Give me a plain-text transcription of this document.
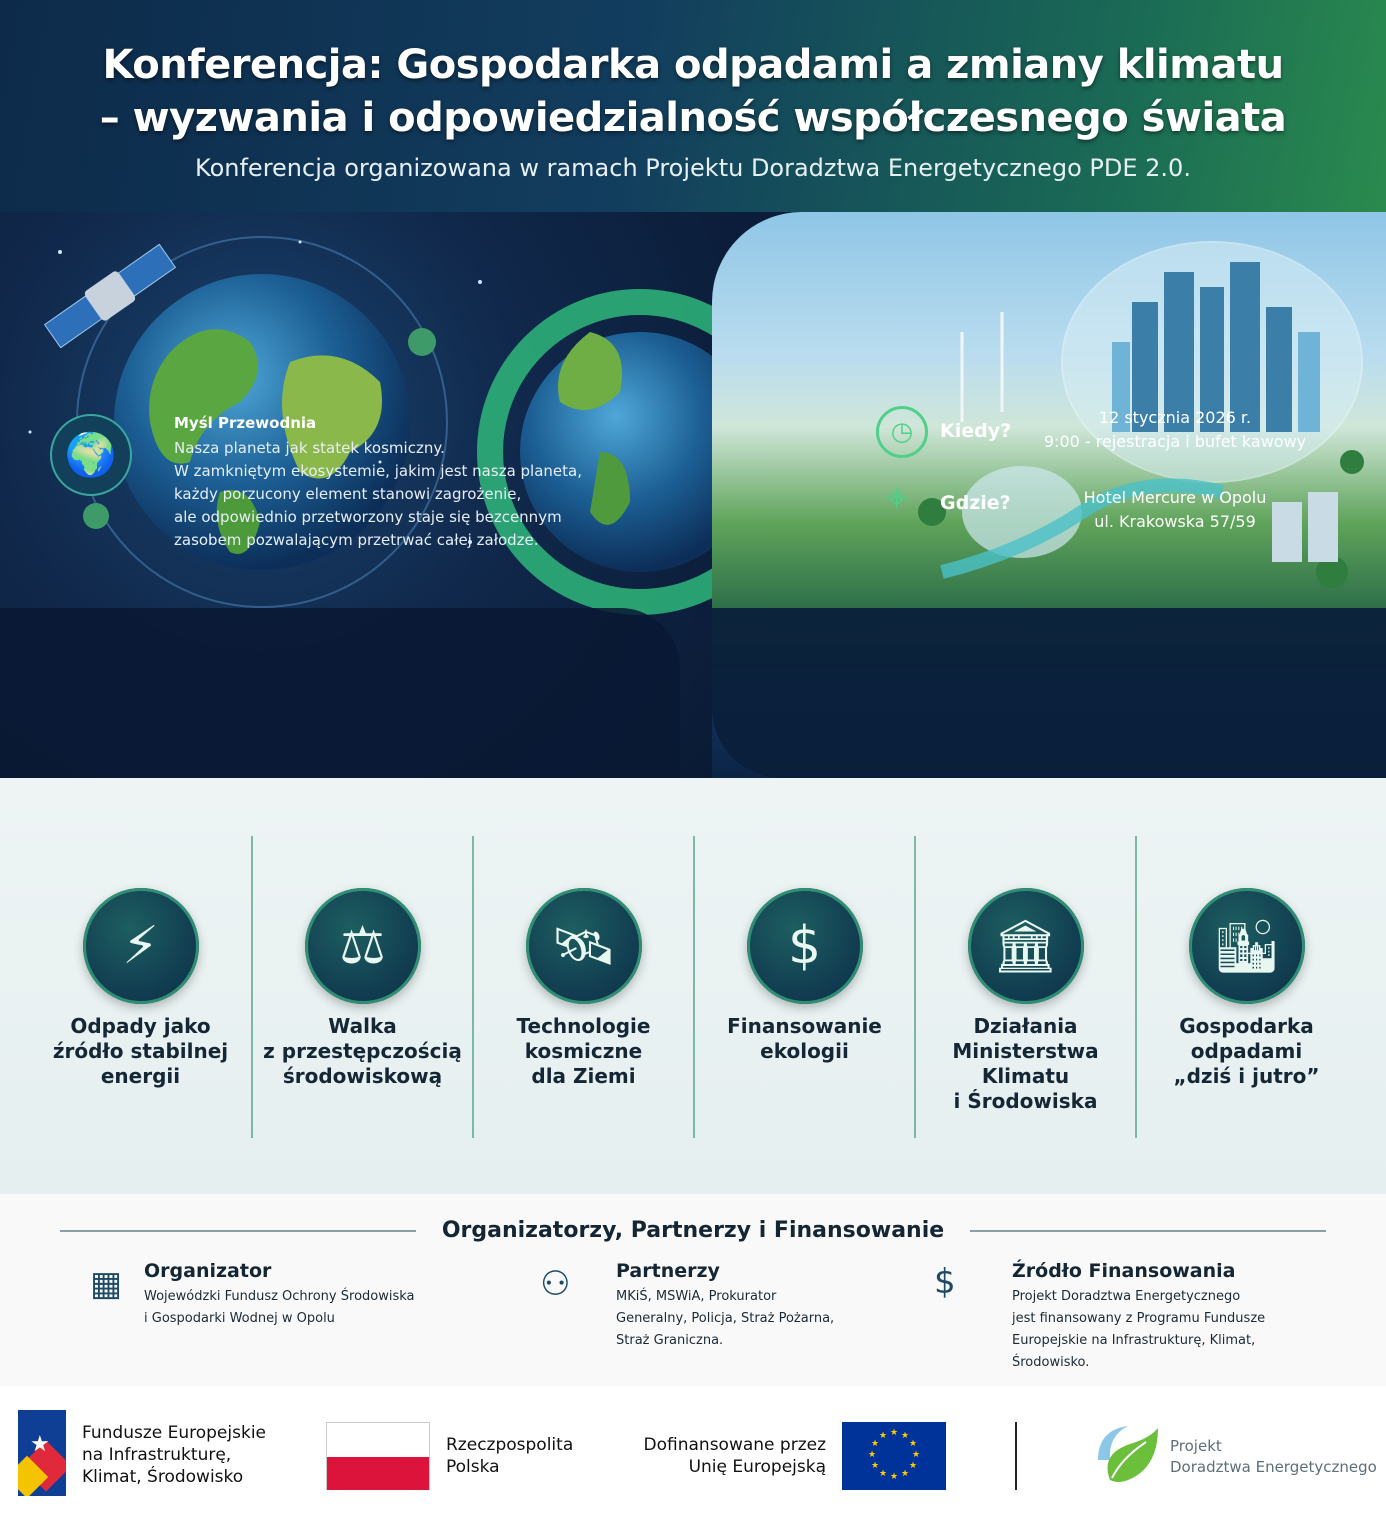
Konferencja: Gospodarka odpadami a zmiany klimatu
– wyzwania i odpowiedzialność współczesnego świata
Konferencja organizowana w ramach Projektu Doradztwa Energetycznego PDE 2.0.
🌍
Myśl Przewodnia
Nasza planeta jak statek kosmiczny.
W zamkniętym ekosystemie, jakim jest nasza planeta,
każdy porzucony element stanowi zagrożenie,
ale odpowiednio przetworzony staje się bezcennym
zasobem pozwalającym przetrwać całej załodze.
◷	Kiedy?
12 stycznia 2026 r.
9:00 - rejestracja i bufet kawowy
⌖ Gdzie?	Hotel Mercure w Opolu
ul. Krakowska 57/59
⚡
Odpady jako
źródło stabilnej
energii
⚖
Walka
z przestępczością
środowiskową
🛰
Technologie
kosmiczne
dla Ziemi
$
Finansowanie
ekologii
🏛
Działania
Ministerstwa
Klimatu
i Środowiska
🏙
Gospodarka
odpadami
„dziś i jutro”
Organizatorzy, Partnerzy i Finansowanie
▦ Organizator
Wojewódzki Fundusz Ochrony Środowiska
i Gospodarki Wodnej w Opolu
⚇ Partnerzy
MKiŚ, MSWiA, Prokurator
Generalny, Policja, Straż Pożarna,
Straż Graniczna.
$	Źródło Finansowania
Projekt Doradztwa Energetycznego
jest finansowany z Programu Fundusze
Europejskie na Infrastrukturę, Klimat,
Środowisko.
★ Fundusze Europejskie
na Infrastrukturę,
Klimat, Środowisko
Rzeczpospolita
Polska
Dofinansowane przez
Unię Europejską
★
★
★
★
★
★
★
★
★ ★ ★
★	Projekt
Doradztwa Energetycznego
